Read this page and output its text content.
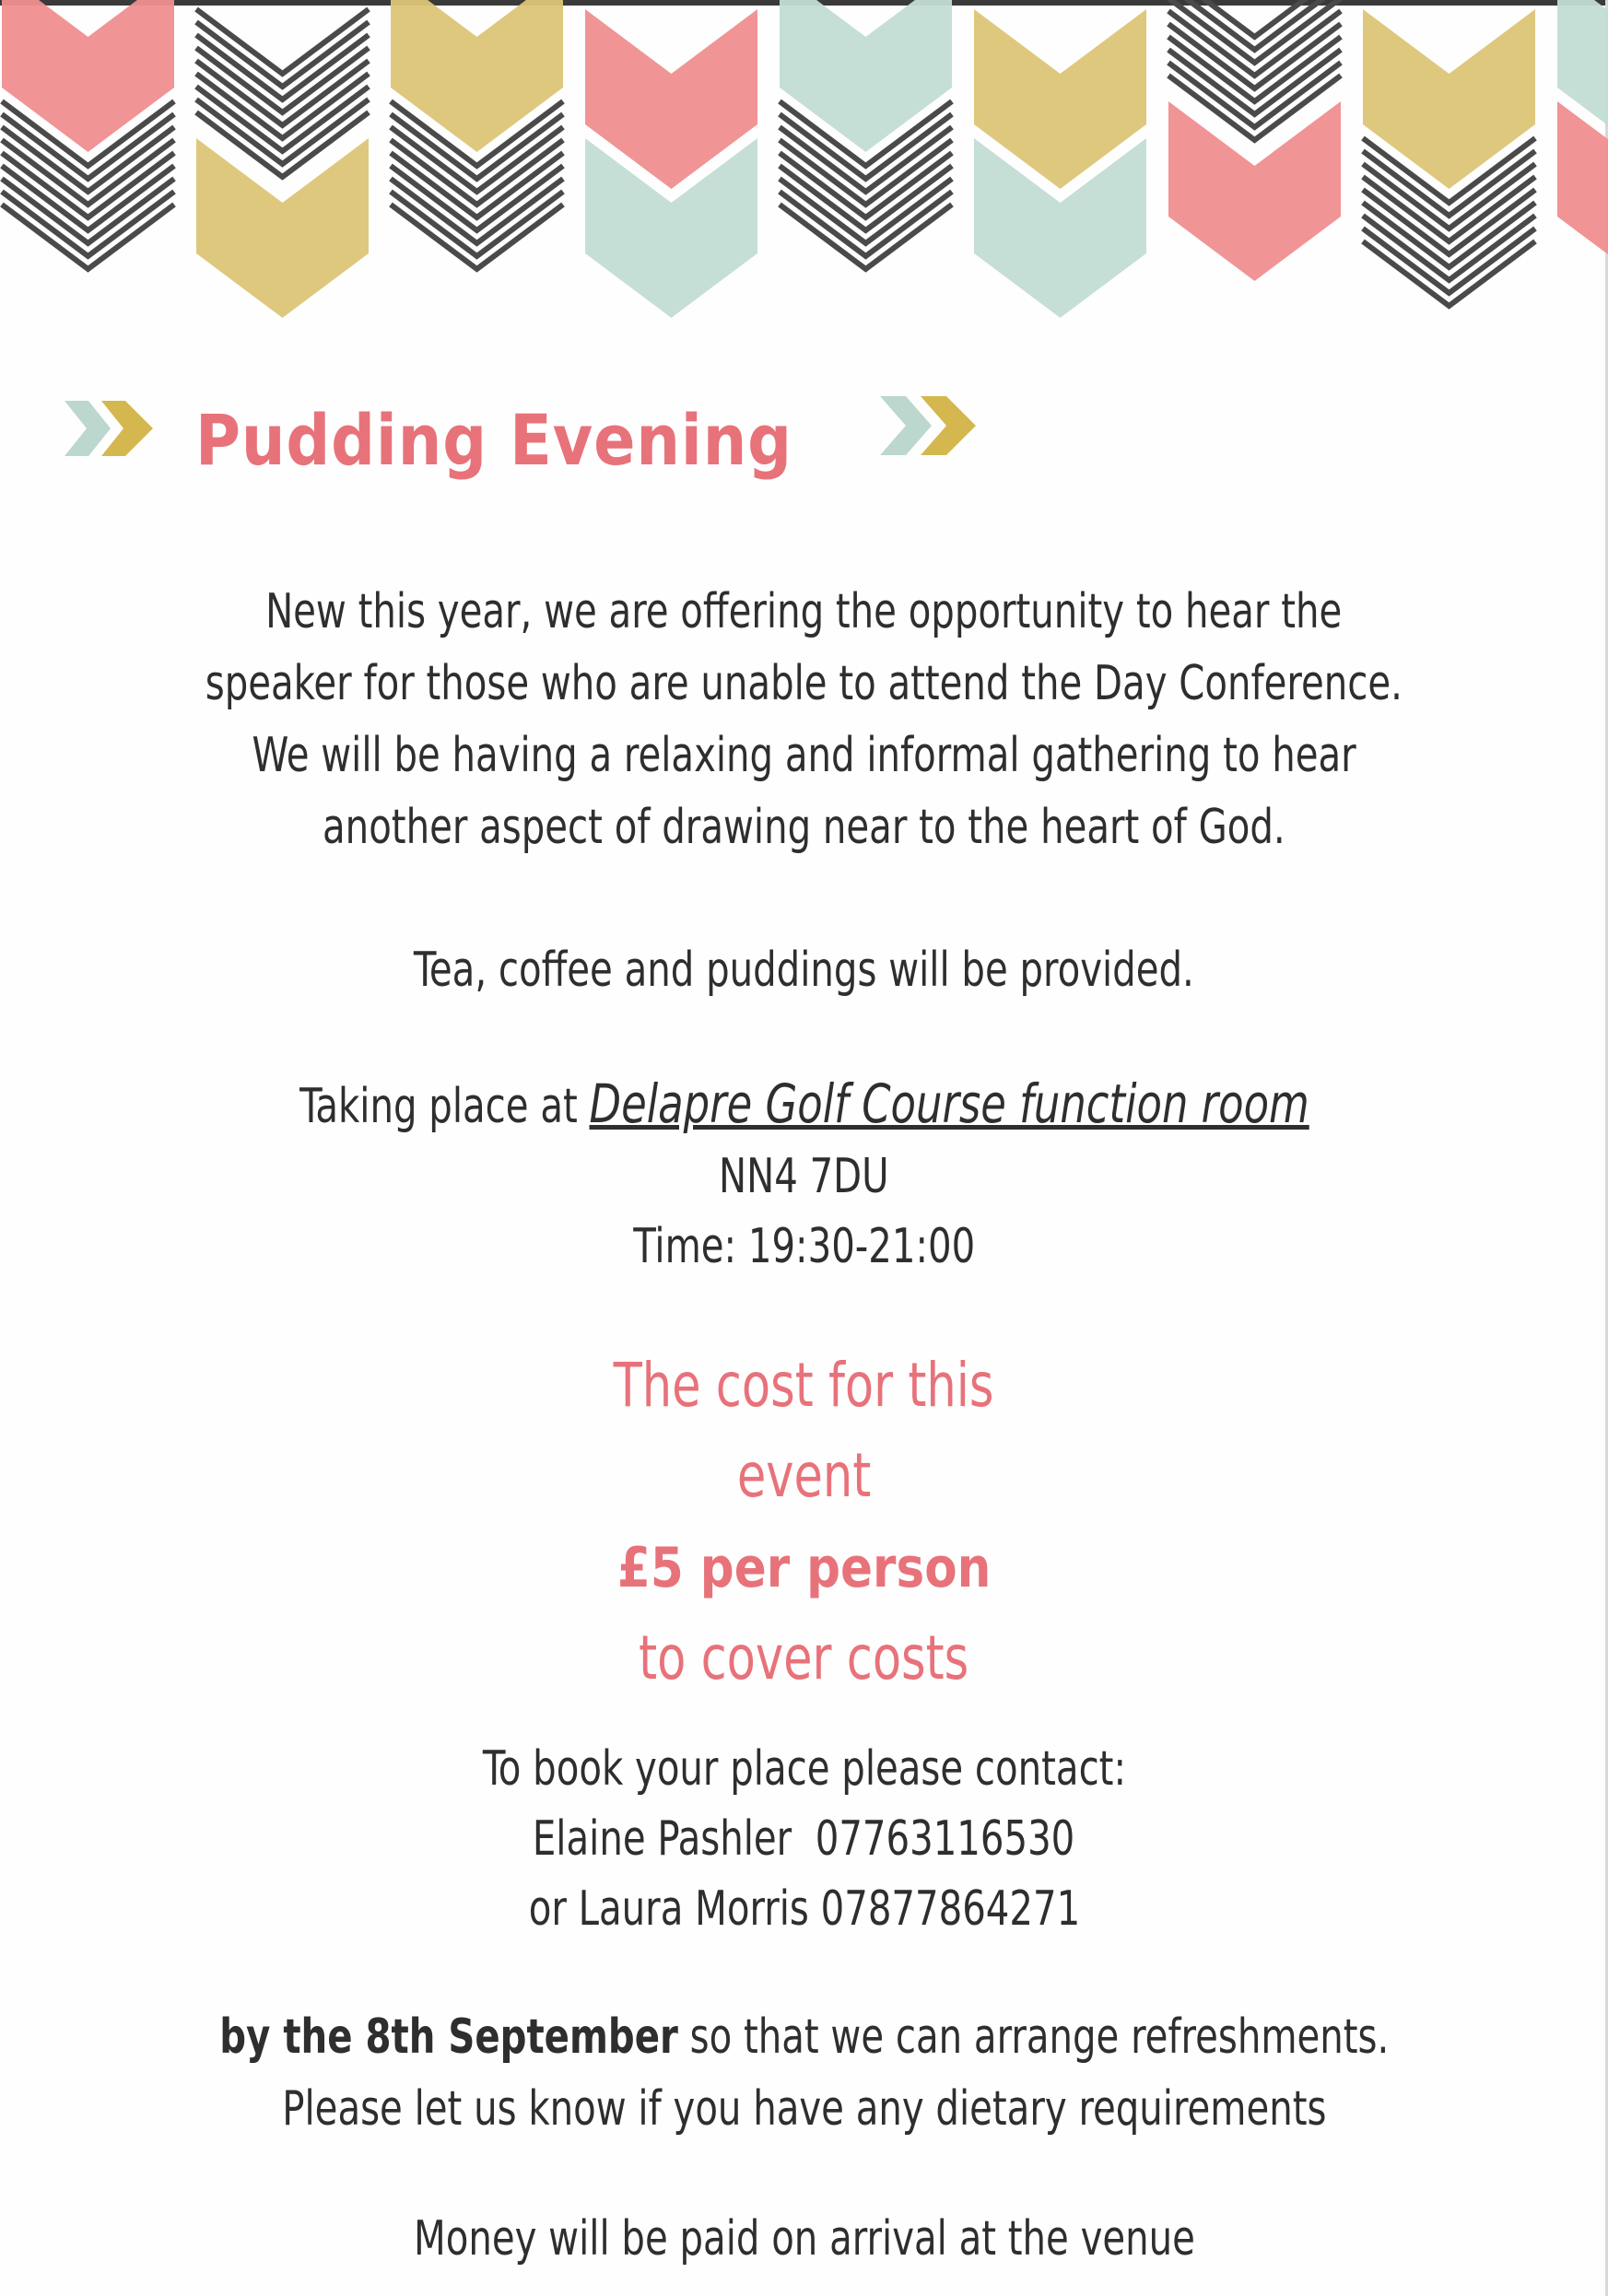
Pudding Evening

New this year, we are offering the opportunity to hear the

speaker for those who are unable to attend the Day Conference.

We will be having a relaxing and informal gathering to hear

another aspect of drawing near to the heart of God.

Tea, coffee and puddings will be provided.
Taking place at Delapre Golf Course function room
NN4 7DU
Time: 19:30-21:00
The cost for this
event
£5 per person
to cover costs
To book your place please contact:
Elaine Pashler  07763116530
or Laura Morris 07877864271
by the 8th September so that we can arrange refreshments.
Please let us know if you have any dietary requirements
Money will be paid on arrival at the venue
